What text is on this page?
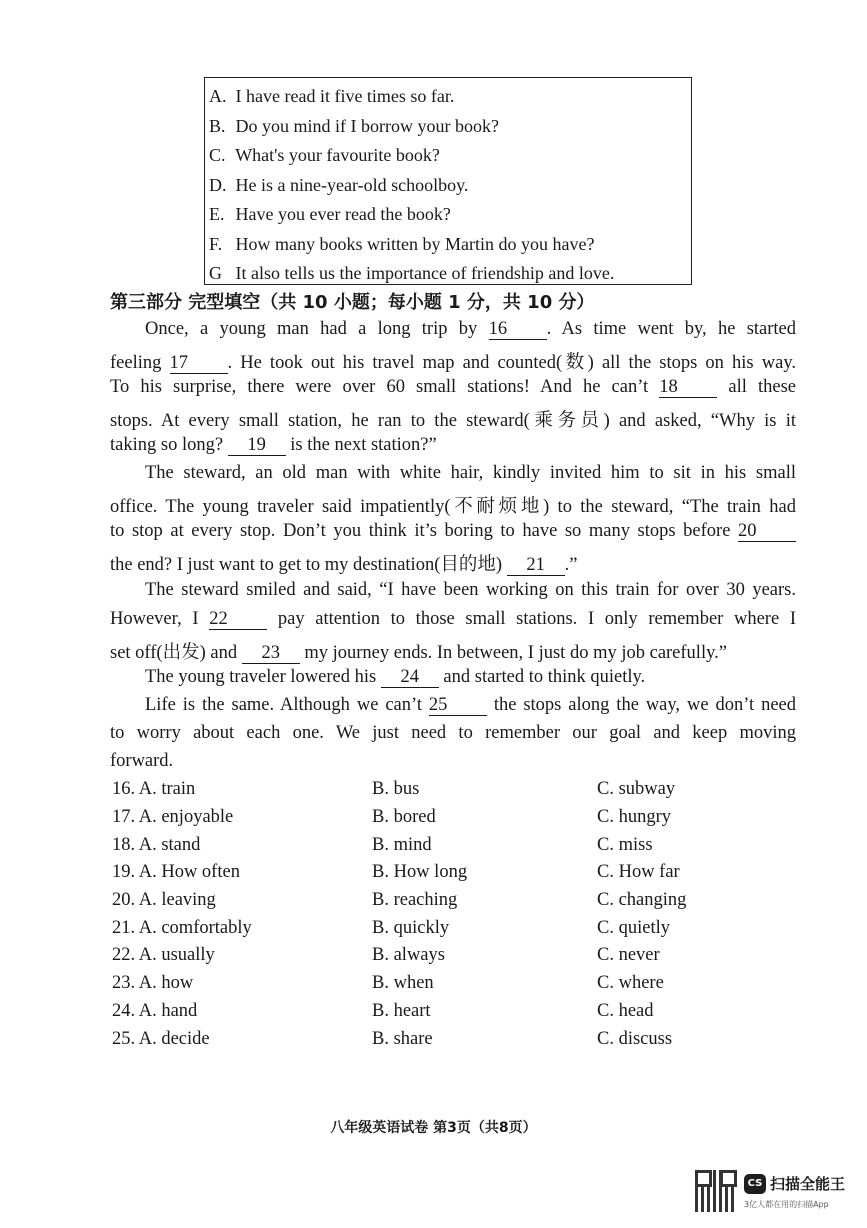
A. I have read it five times so far.
B. Do you mind if I borrow your book?
C. What's your favourite book?
D. He is a nine-year-old schoolboy.
E. Have you ever read the book?
F. How many books written by Martin do you have?
G It also tells us the importance of friendship and love.
第三部分 完型填空（共 10 小题；每小题 1 分，共 10 分）
Once, a young man had a long trip by 16 . As time went by, he started
feeling 17 . He took out his travel map and counted(数) all the stops on his way.
To his surprise, there were over 60 small stations! And he can’t 18	all these
stops. At every small station, he ran to the steward(乘务员) and asked, “Why is it
taking so long? 19 is the next station?”
The steward, an old man with white hair, kindly invited him to sit in his small
office. The young traveler said impatiently(不耐烦地) to the steward, “The train had
to stop at every stop. Don’t you think it’s boring to have so many stops before 20
the end? I just want to get to my destination(目的地) 21 .”
The steward smiled and said, “I have been working on this train for over 30 years.
However, I 22	pay attention to those small stations. I only remember where I
set off(出发) and 23 my journey ends. In between, I just do my job carefully.”
The young traveler lowered his 24 and started to think quietly.
Life is the same. Although we can’t 25	the stops along the way, we don’t need
to worry about each one. We just need to remember our goal and keep moving
forward.
16. A. train	B. bus	C. subway
17. A. enjoyable	B. bored	C. hungry
18. A. stand	B. mind	C. miss
19. A. How often	B. How long	C. How far
20. A. leaving	B. reaching	C. changing
21. A. comfortably	B. quickly	C. quietly
22. A. usually	B. always	C. never
23. A. how	B. when	C. where
24. A. hand	B. heart	C. head
25. A. decide	B. share	C. discuss
八年级英语试卷 第3页（共8页）
CS 扫描全能王
3亿人都在用的扫描App
